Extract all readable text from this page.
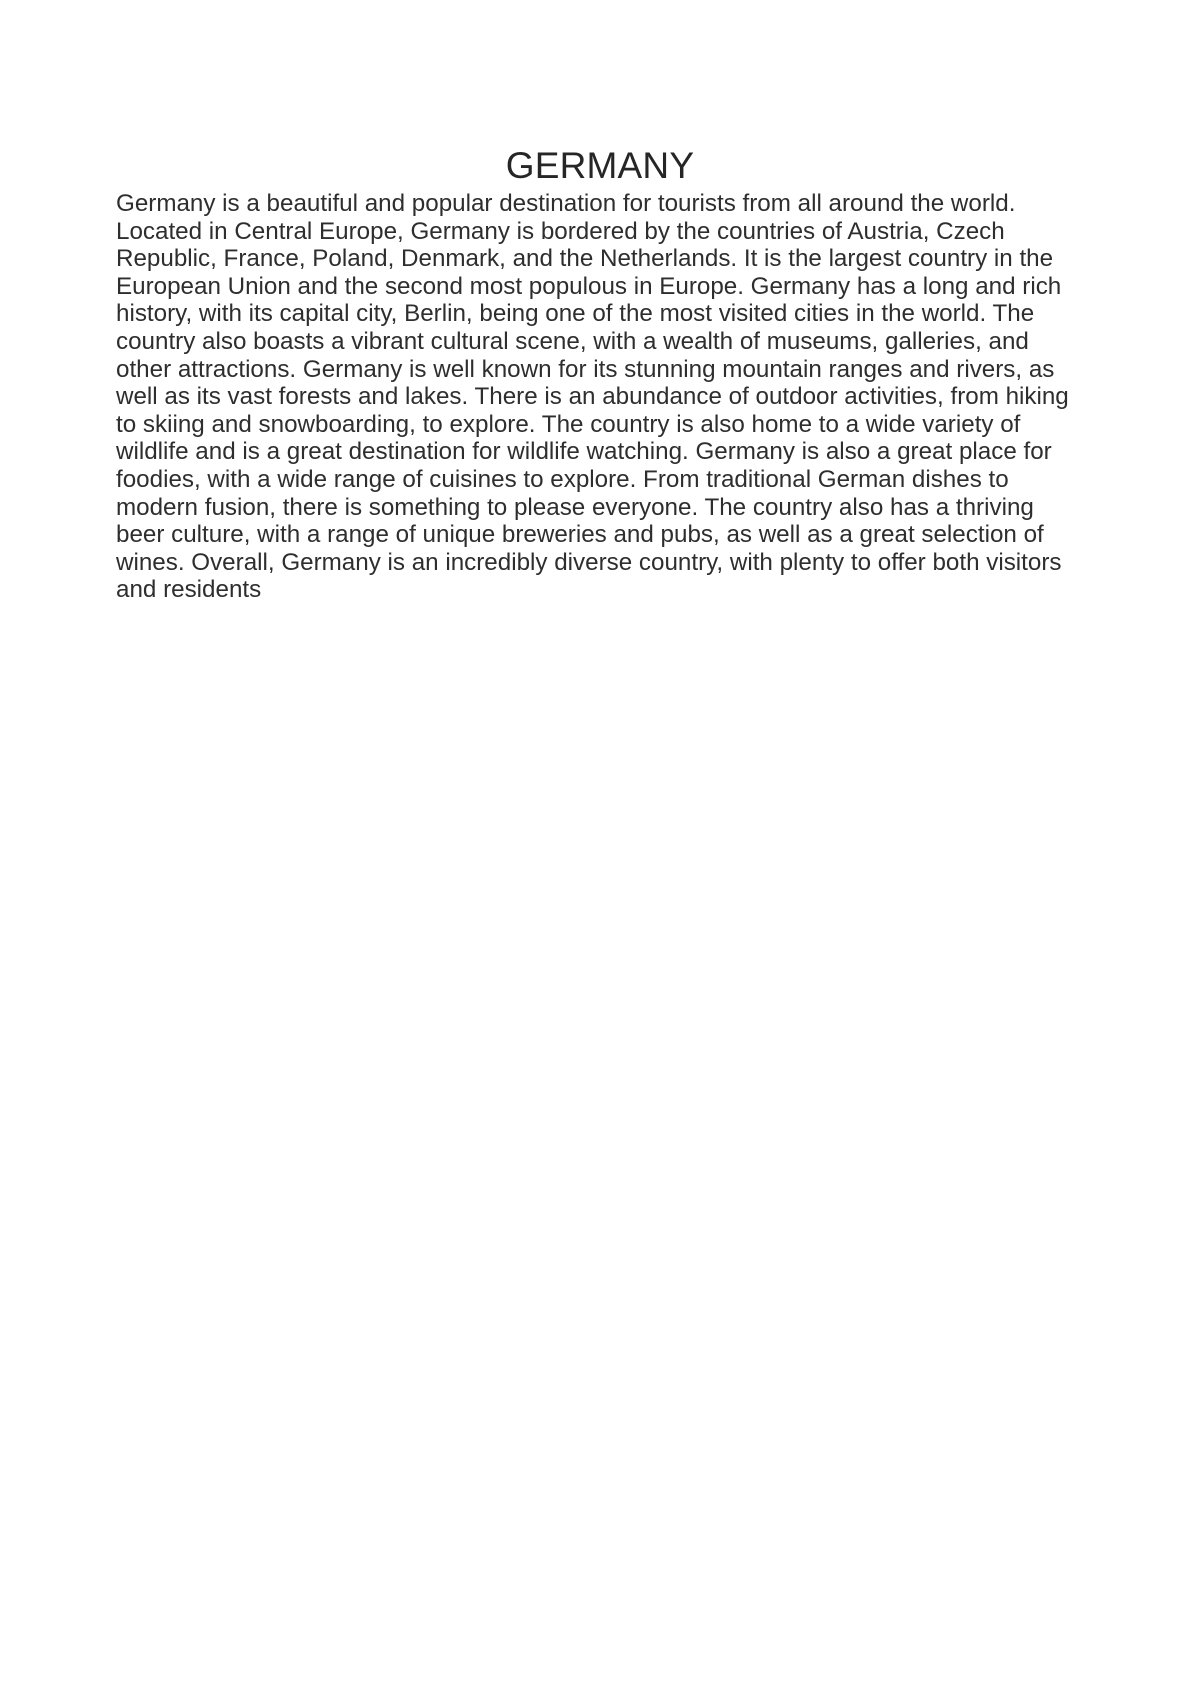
GERMANY

Germany is a beautiful and popular destination for tourists from all around the world.
Located in Central Europe, Germany is bordered by the countries of Austria, Czech
Republic, France, Poland, Denmark, and the Netherlands. It is the largest country in the
European Union and the second most populous in Europe. Germany has a long and rich
history, with its capital city, Berlin, being one of the most visited cities in the world. The
country also boasts a vibrant cultural scene, with a wealth of museums, galleries, and
other attractions. Germany is well known for its stunning mountain ranges and rivers, as
well as its vast forests and lakes. There is an abundance of outdoor activities, from hiking
to skiing and snowboarding, to explore. The country is also home to a wide variety of
wildlife and is a great destination for wildlife watching. Germany is also a great place for
foodies, with a wide range of cuisines to explore. From traditional German dishes to
modern fusion, there is something to please everyone. The country also has a thriving
beer culture, with a range of unique breweries and pubs, as well as a great selection of
wines. Overall, Germany is an incredibly diverse country, with plenty to offer both visitors
and residents
